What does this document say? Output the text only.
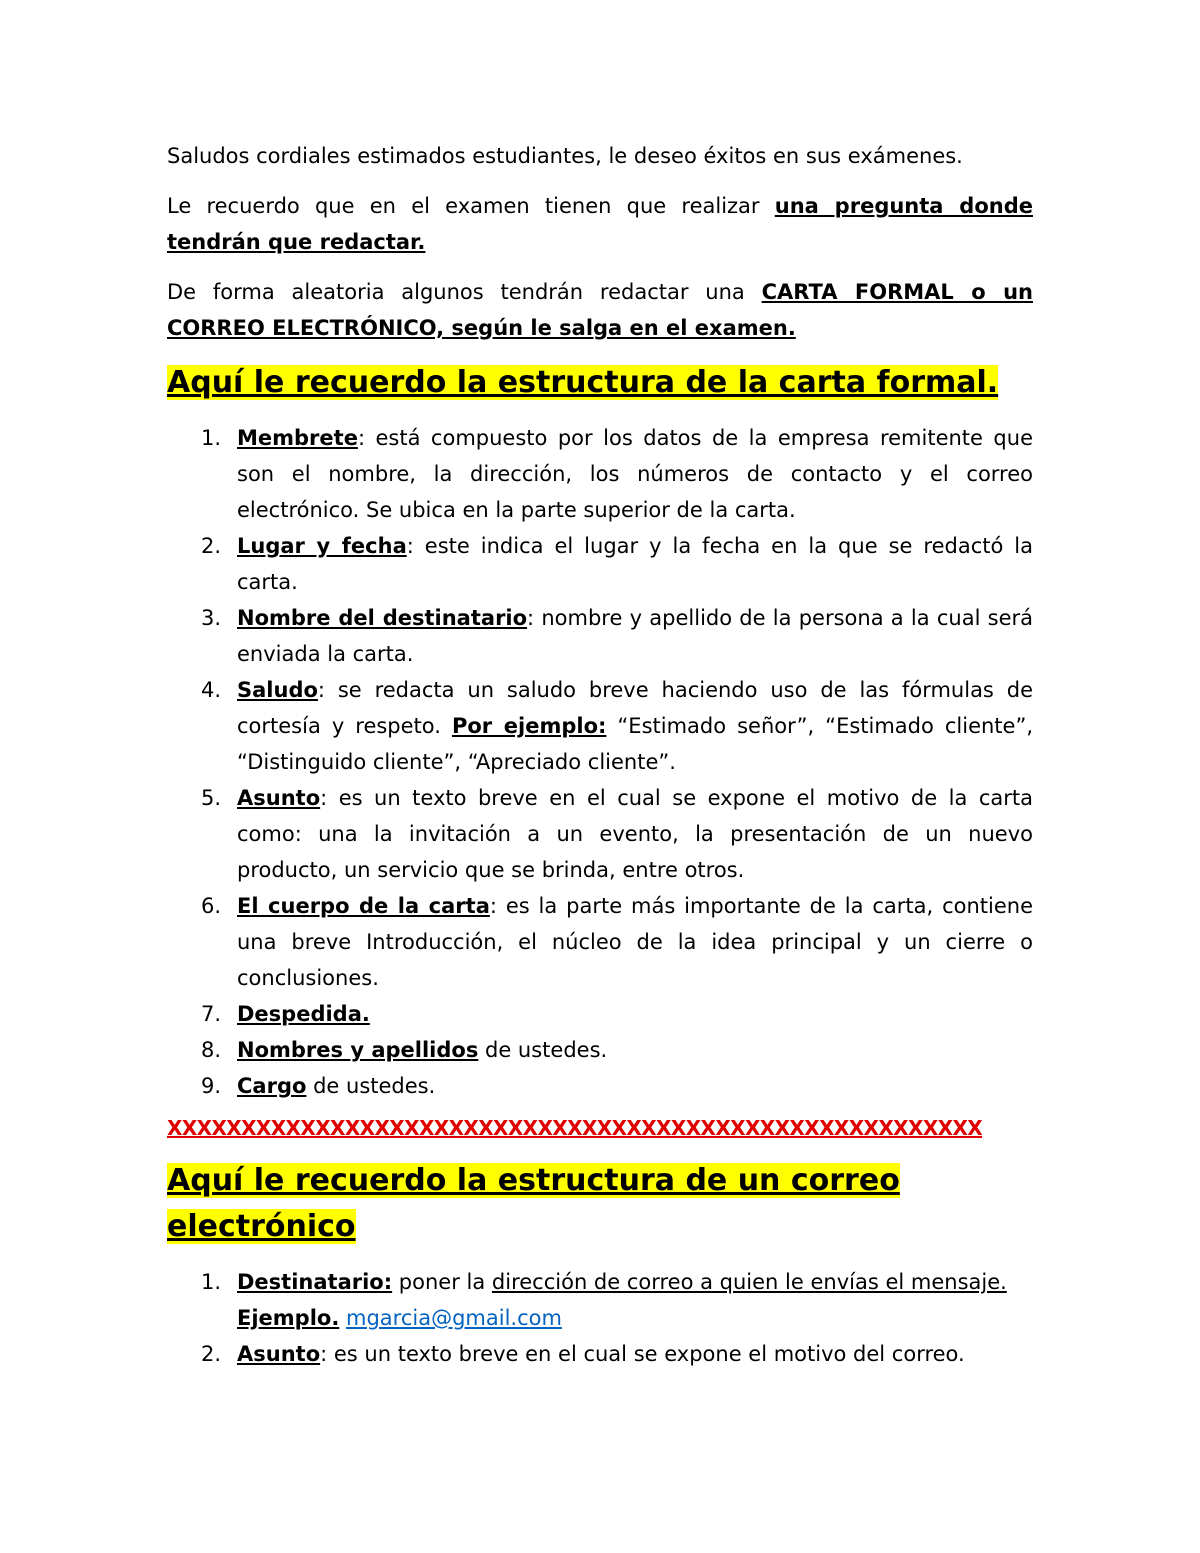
Saludos cordiales estimados estudiantes, le deseo éxitos en sus exámenes.

Le recuerdo que en el examen tienen que realizar una pregunta donde tendrán que redactar.

De forma aleatoria algunos tendrán redactar una CARTA FORMAL o un CORREO ELECTRÓNICO, según le salga en el examen.

Aquí le recuerdo la estructura de la carta formal.

1. Membrete: está compuesto por los datos de la empresa remitente que son el nombre, la dirección, los números de contacto y el correo electrónico. Se ubica en la parte superior de la carta.
2. Lugar y fecha: este indica el lugar y la fecha en la que se redactó la carta.
3. Nombre del destinatario: nombre y apellido de la persona a la cual será enviada la carta.
4. Saludo: se redacta un saludo breve haciendo uso de las fórmulas de cortesía y respeto. Por ejemplo: “Estimado señor”, “Estimado cliente”, “Distinguido cliente”, “Apreciado cliente”.
5. Asunto: es un texto breve en el cual se expone el motivo de la carta como: una la invitación a un evento, la presentación de un nuevo producto, un servicio que se brinda, entre otros.
6. El cuerpo de la carta: es la parte más importante de la carta, contiene una breve Introducción, el núcleo de la idea principal y un cierre o conclusiones.
7. Despedida.
8. Nombres y apellidos de ustedes.
9. Cargo de ustedes.

XXXXXXXXXXXXXXXXXXXXXXXXXXXXXXXXXXXXXXXXXXXXXXXXXXXXXXX

Aquí le recuerdo la estructura de un correo electrónico

1. Destinatario: poner la dirección de correo a quien le envías el mensaje.
Ejemplo. mgarcia@gmail.com
2. Asunto: es un texto breve en el cual se expone el motivo del correo.
